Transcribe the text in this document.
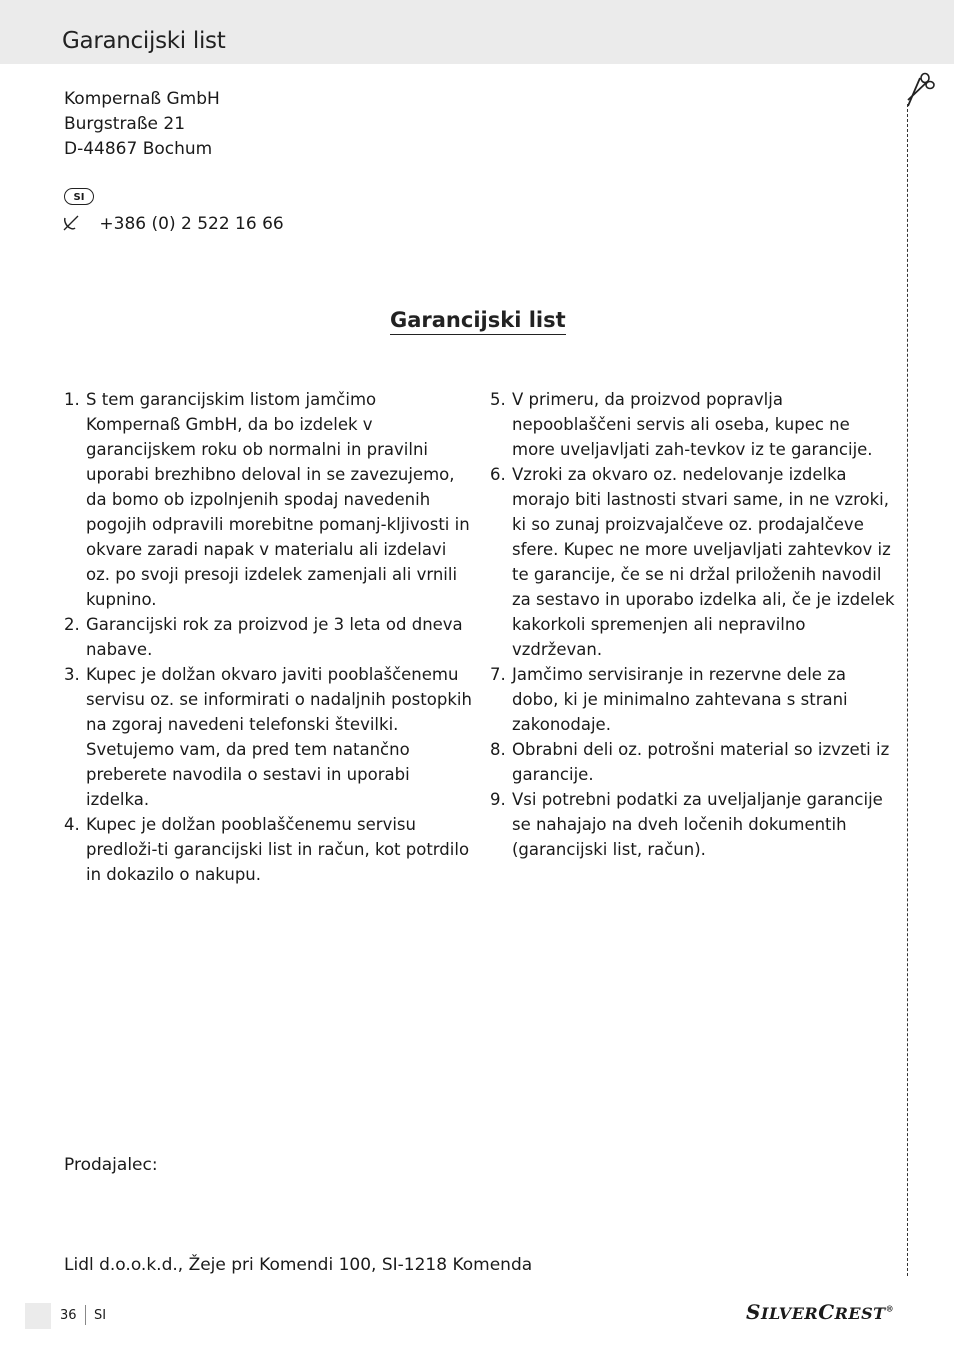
Garancijski list
Kompernaß GmbH
Burgstraße 21
D-44867 Bochum
SI
+386 (0) 2 522 16 66
Garancijski list
1. S tem garancijskim listom jamčimo Kompernaß GmbH, da bo izdelek v garancijskem roku ob normalni in pravilni uporabi brezhibno deloval in se zavezujemo, da bomo ob izpolnjenih spodaj navedenih pogojih odpravili morebitne pomanj-kljivosti in okvare zaradi napak v materialu ali izdelavi oz. po svoji presoji izdelek zamenjali ali vrnili kupnino.
2. Garancijski rok za proizvod je 3 leta od dneva nabave.
3. Kupec je dolžan okvaro javiti pooblaščenemu servisu oz. se informirati o nadaljnih postopkih na zgoraj navedeni telefonski številki. Svetujemo vam, da pred tem natančno preberete navodila o sestavi in uporabi izdelka.
4. Kupec je dolžan pooblaščenemu servisu predloži-ti garancijski list in račun, kot potrdilo in dokazilo o nakupu.
5. V primeru, da proizvod popravlja nepooblaščeni servis ali oseba, kupec ne more uveljavljati zah-tevkov iz te garancije.
6. Vzroki za okvaro oz. nedelovanje izdelka morajo biti lastnosti stvari same, in ne vzroki, ki so zunaj proizvajalčeve oz. prodajalčeve sfere. Kupec ne more uveljavljati zahtevkov iz te garancije, če se ni držal priloženih navodil za sestavo in uporabo izdelka ali, če je izdelek kakorkoli spremenjen ali nepravilno vzdrževan.
7. Jamčimo servisiranje in rezervne dele za dobo, ki je minimalno zahtevana s strani zakonodaje.
8. Obrabni deli oz. potrošni material so izvzeti iz garancije.
9. Vsi potrebni podatki za uveljaljanje garancije se nahajajo na dveh ločenih dokumentih (garancijski list, račun).
Prodajalec:
Lidl d.o.o.k.d., Žeje pri Komendi 100, SI-1218 Komenda
36 SI	SILVERCREST®
